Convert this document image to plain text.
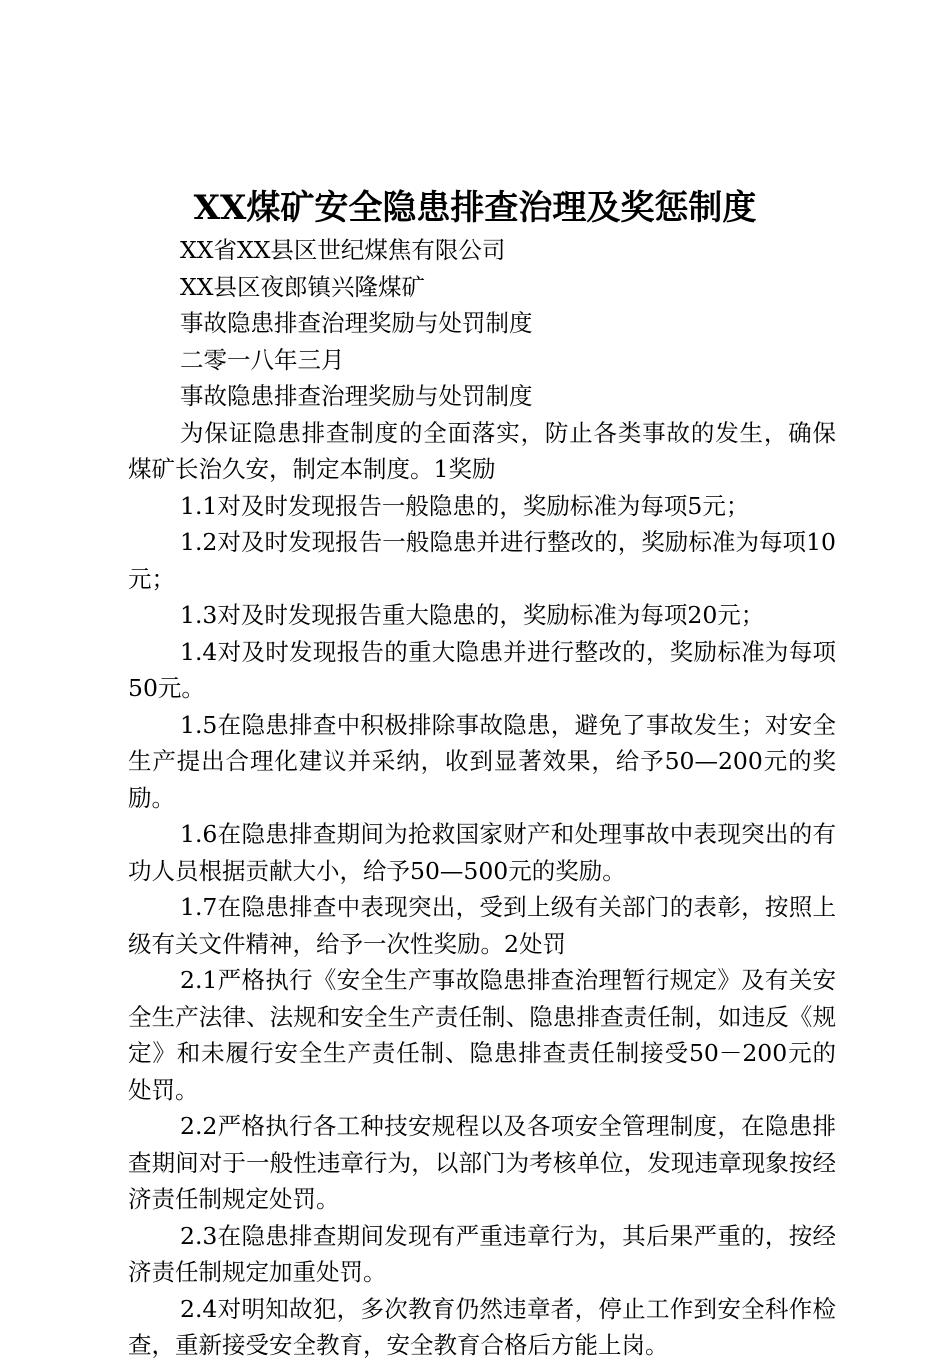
XX煤矿安全隐患排查治理及奖惩制度
XX省XX县区世纪煤焦有限公司
XX县区夜郎镇兴隆煤矿
事故隐患排查治理奖励与处罚制度
二零一八年三月
事故隐患排查治理奖励与处罚制度

为保证隐患排查制度的全面落实，防止各类事故的发生，确保煤矿长治久安，制定本制度。1奖励

1.1对及时发现报告一般隐患的，奖励标准为每项5元；

1.2对及时发现报告一般隐患并进行整改的，奖励标准为每项10元；

1.3对及时发现报告重大隐患的，奖励标准为每项20元；

1.4对及时发现报告的重大隐患并进行整改的，奖励标准为每项50元。

1.5在隐患排查中积极排除事故隐患，避免了事故发生；对安全生产提出合理化建议并采纳，收到显著效果，给予50—200元的奖励。

1.6在隐患排查期间为抢救国家财产和处理事故中表现突出的有功人员根据贡献大小，给予50—500元的奖励。

1.7在隐患排查中表现突出，受到上级有关部门的表彰，按照上级有关文件精神，给予一次性奖励。2处罚

2.1严格执行《安全生产事故隐患排查治理暂行规定》及有关安全生产法律、法规和安全生产责任制、隐患排查责任制，如违反《规定》和未履行安全生产责任制、隐患排查责任制接受50－200元的处罚。

2.2严格执行各工种技安规程以及各项安全管理制度，在隐患排查期间对于一般性违章行为，以部门为考核单位，发现违章现象按经济责任制规定处罚。

2.3在隐患排查期间发现有严重违章行为，其后果严重的，按经济责任制规定加重处罚。

2.4对明知故犯，多次教育仍然违章者，停止工作到安全科作检查，重新接受安全教育，安全教育合格后方能上岗。
